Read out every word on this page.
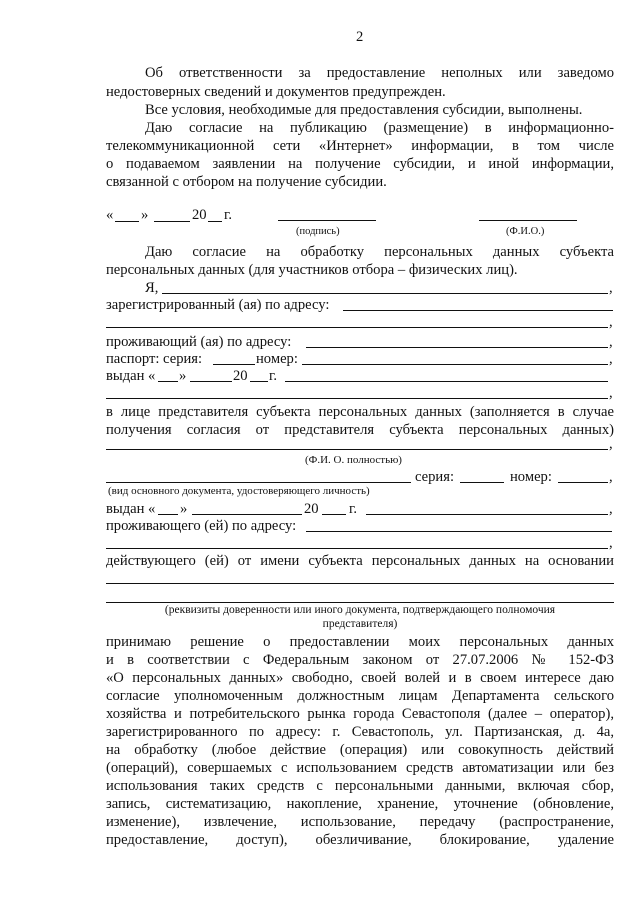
2
Об ответственности за предоставление неполных или заведомо
недостоверных сведений и документов предупрежден.
Все условия, необходимые для предоставления субсидии, выполнены.
Даю согласие на публикацию (размещение) в информационно-
телекоммуникационной сети «Интернет» информации, в том числе
о подаваемом заявлении на получение субсидии, и иной информации,
связанной с отбором на получение субсидии.
« »	20 г.
(подпись)	(Ф.И.О.)
Даю согласие на обработку персональных данных субъекта
персональных данных (для участников отбора – физических лиц).
Я,	,
зарегистрированный (ая) по адресу:
,
проживающий (ая) по адресу:	,
паспорт: серия:	номер:	,
выдан « »	20 г.
,
в лице представителя субъекта персональных данных (заполняется в случае
получения согласия от представителя субъекта персональных данных)
,
(Ф.И. О. полностью)
серия:	номер:	,
(вид основного документа, удостоверяющего личность)
выдан « »	20 г.	,
проживающего (ей) по адресу:
,
действующего (ей) от имени субъекта персональных данных на основании
(реквизиты доверенности или иного документа, подтверждающего полномочия
представителя)
принимаю решение о предоставлении моих персональных данных
и в соответствии с Федеральным законом от 27.07.2006 № 152-ФЗ
«О персональных данных» свободно, своей волей и в своем интересе даю
согласие уполномоченным должностным лицам Департамента сельского
хозяйства и потребительского рынка города Севастополя (далее – оператор),
зарегистрированного по адресу: г. Севастополь, ул. Партизанская, д. 4а,
на обработку (любое действие (операция) или совокупность действий
(операций), совершаемых с использованием средств автоматизации или без
использования таких средств с персональными данными, включая сбор,
запись, систематизацию, накопление, хранение, уточнение (обновление,
изменение), извлечение, использование, передачу (распространение,
предоставление, доступ), обезличивание, блокирование, удаление
